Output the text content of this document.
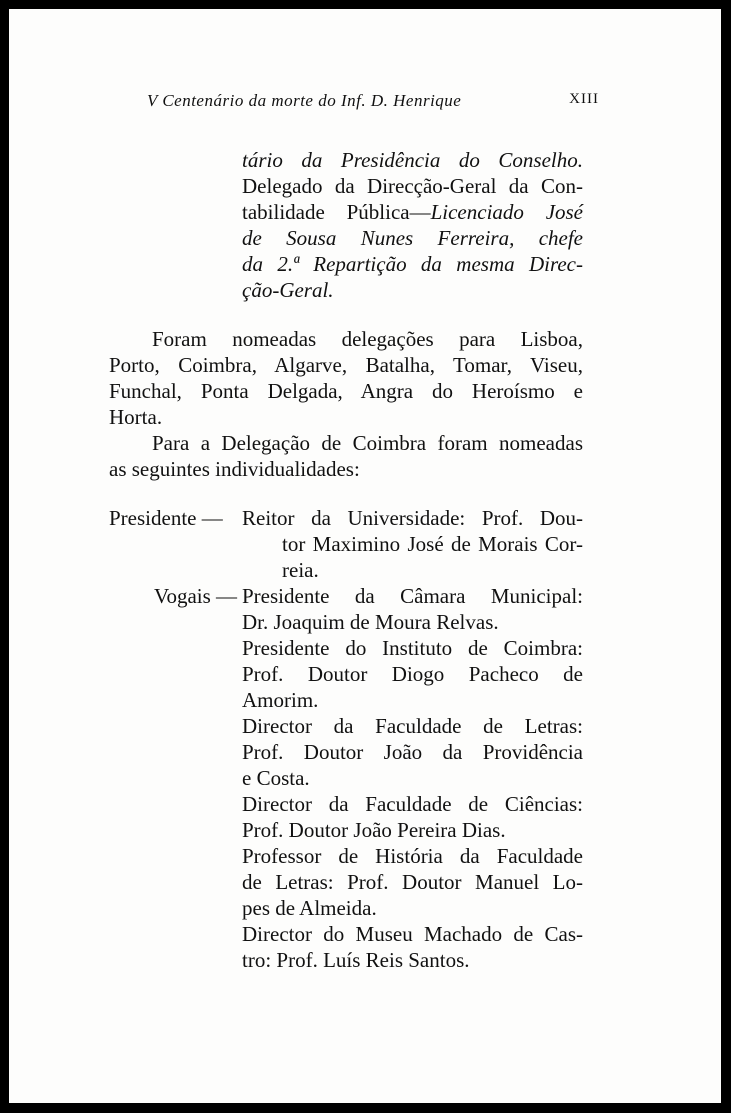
V Centenário da morte do Inf. D. Henrique	XIII
tário da Presidência do Conselho.
Delegado da Direcção-Geral da Con-
tabilidade Pública—Licenciado José
de Sousa Nunes Ferreira, chefe
da 2.ª Repartição da mesma Direc-
ção-Geral.
Foram nomeadas delegações para Lisboa,
Porto, Coimbra, Algarve, Batalha, Tomar, Viseu,
Funchal, Ponta Delgada, Angra do Heroísmo e
Horta.
Para a Delegação de Coimbra foram nomeadas
as seguintes individualidades:
Presidente — Reitor da Universidade: Prof. Dou-
tor Maximino José de Morais Cor-
reia.
Vogais — Presidente da Câmara Municipal:
Dr. Joaquim de Moura Relvas.
Presidente do Instituto de Coimbra:
Prof. Doutor Diogo Pacheco de
Amorim.
Director da Faculdade de Letras:
Prof. Doutor João da Providência
e Costa.
Director da Faculdade de Ciências:
Prof. Doutor João Pereira Dias.
Professor de História da Faculdade
de Letras: Prof. Doutor Manuel Lo-
pes de Almeida.
Director do Museu Machado de Cas-
tro: Prof. Luís Reis Santos.
